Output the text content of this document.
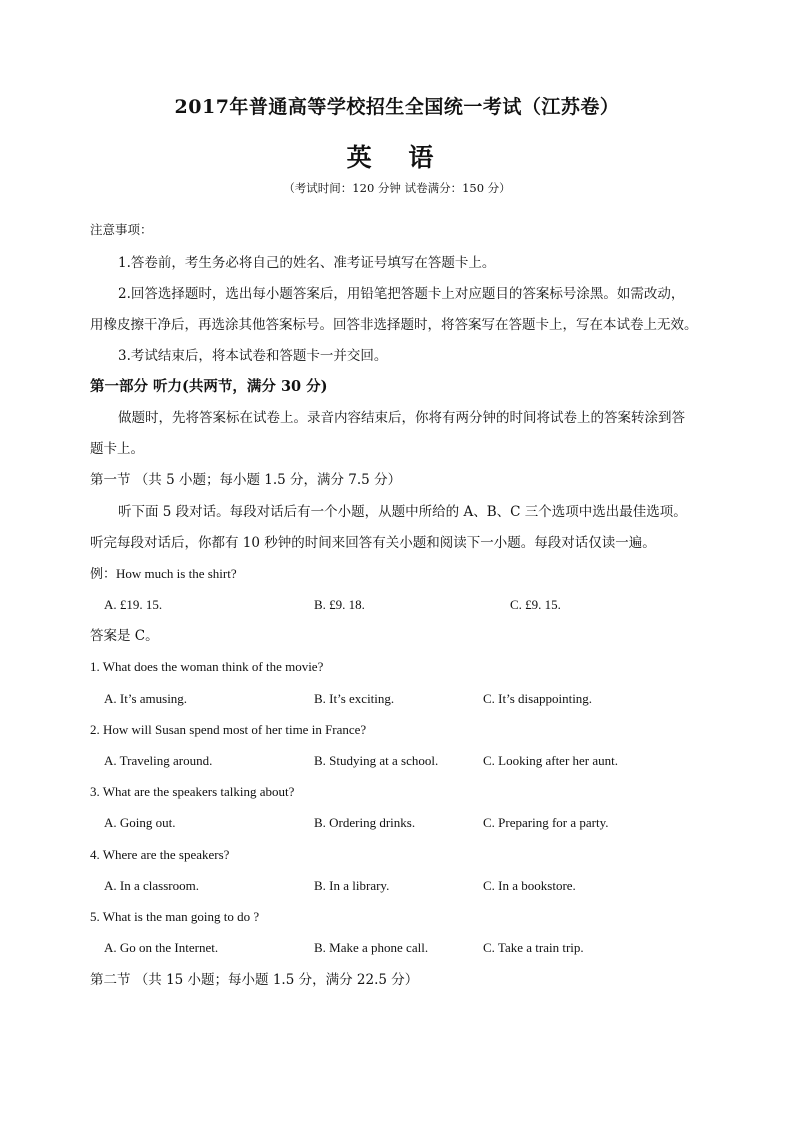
2017年普通高等学校招生全国统一考试（江苏卷）
英 语
（考试时间：120 分钟 试卷满分：150 分）
注意事项：
1.答卷前，考生务必将自己的姓名、准考证号填写在答题卡上。
2.回答选择题时，选出每小题答案后，用铅笔把答题卡上对应题目的答案标号涂黑。如需改动，
用橡皮擦干净后，再选涂其他答案标号。回答非选择题时，将答案写在答题卡上，写在本试卷上无效。
3.考试结束后，将本试卷和答题卡一并交回。
第一部分 听力(共两节，满分 30 分)
做题时，先将答案标在试卷上。录音内容结束后，你将有两分钟的时间将试卷上的答案转涂到答
题卡上。
第一节 （共 5 小题；每小题 1.5 分，满分 7.5 分）
听下面 5 段对话。每段对话后有一个小题，从题中所给的 A、B、C 三个选项中选出最佳选项。
听完每段对话后，你都有 10 秒钟的时间来回答有关小题和阅读下一小题。每段对话仅读一遍。
例：How much is the shirt?
A. £19. 15.	B. £9. 18.	C. £9. 15.
答案是 C。
1. What does the woman think of the movie?
A. It’s amusing.	B. It’s exciting.	C. It’s disappointing.
2. How will Susan spend most of her time in France?
A. Traveling around.	B. Studying at a school.	C. Looking after her aunt.
3. What are the speakers talking about?
A. Going out.	B. Ordering drinks.	C. Preparing for a party.
4. Where are the speakers?
A. In a classroom.	B. In a library.	C. In a bookstore.
5. What is the man going to do ?
A. Go on the Internet.	B. Make a phone call.	C. Take a train trip.
第二节 （共 15 小题；每小题 1.5 分，满分 22.5 分）
